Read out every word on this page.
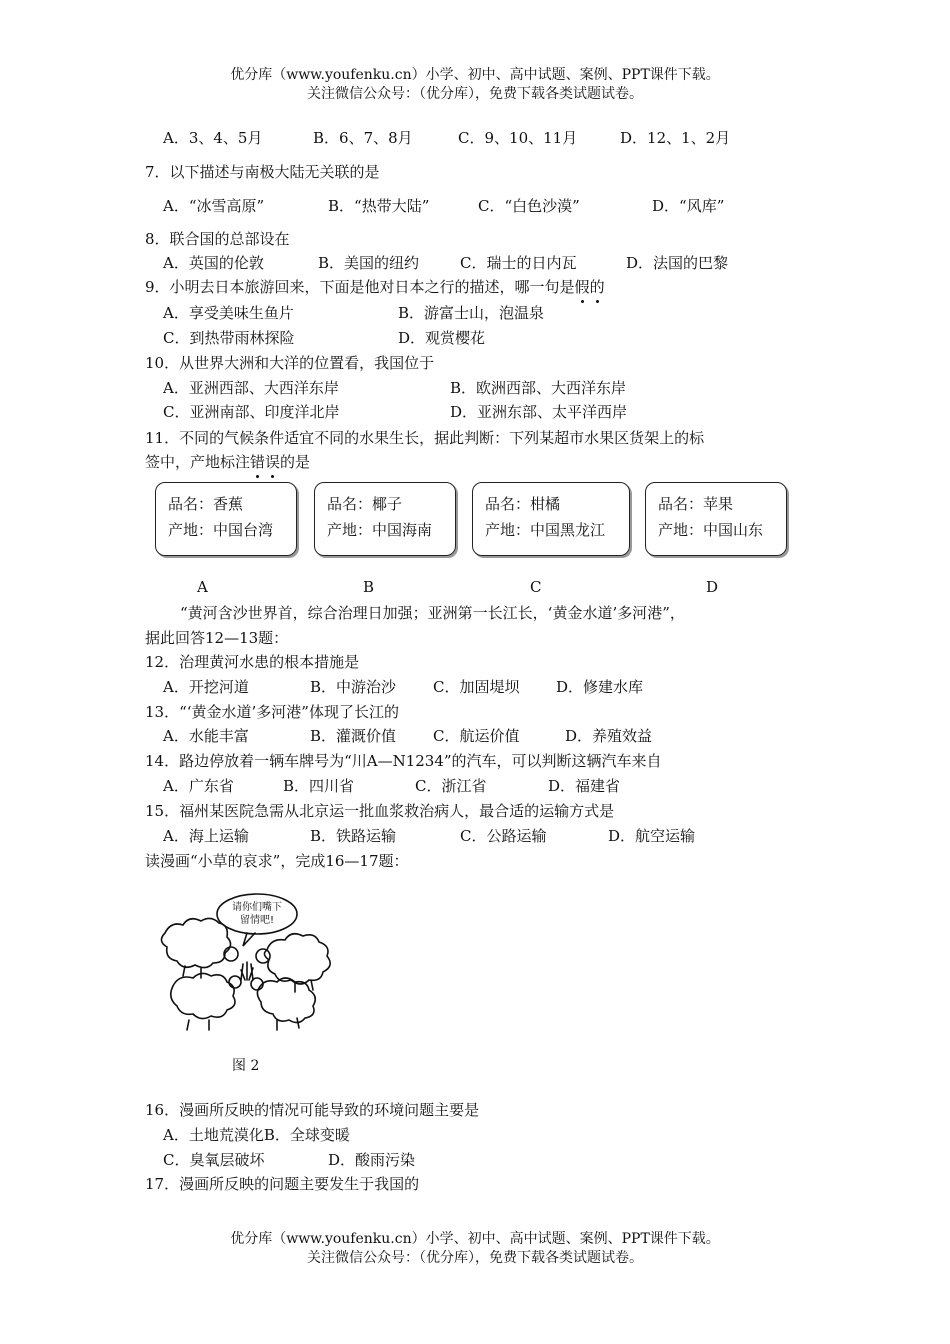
优分库（www.youfenku.cn）小学、初中、高中试题、案例、PPT课件下载。
关注微信公众号：（优分库），免费下载各类试题试卷。
A．3、4、5月	B．6、7、8月	C．9、10、11月	D．12、1、2月
7．以下描述与南极大陆无关联的是
A．“冰雪高原”	B．“热带大陆”	C．“白色沙漠”	D．“风库”
8．联合国的总部设在
A．英国的伦敦	B．美国的纽约	C．瑞士的日内瓦	D．法国的巴黎
9．小明去日本旅游回来，下面是他对日本之行的描述，哪一句是假的
A．享受美味生鱼片	B．游富士山，泡温泉
C．到热带雨林探险	D．观赏樱花
10．从世界大洲和大洋的位置看，我国位于
A．亚洲西部、大西洋东岸	B．欧洲西部、大西洋东岸
C．亚洲南部、印度洋北岸	D．亚洲东部、太平洋西岸
11．不同的气候条件适宜不同的水果生长，据此判断：下列某超市水果区货架上的标
签中，产地标注错误的是
品名：香蕉
产地：中国台湾
品名：椰子
产地：中国海南
品名：柑橘
产地：中国黑龙江
品名：苹果
产地：中国山东
A	B	C	D
“黄河含沙世界首，综合治理日加强；亚洲第一长江长，‘黄金水道’多河港”，
据此回答12—13题：
12．治理黄河水患的根本措施是
A．开挖河道	B．中游治沙 C．加固堤坝 D．修建水库
13．“‘黄金水道’多河港”体现了长江的
A．水能丰富	B．灌溉价值 C．航运价值	D．养殖效益
14．路边停放着一辆车牌号为“川A—N1234”的汽车，可以判断这辆汽车来自
A．广东省	B．四川省	C．浙江省	D．福建省
15．福州某医院急需从北京运一批血浆救治病人，最合适的运输方式是
A．海上运输	B．铁路运输	C．公路运输	D．航空运输
读漫画“小草的哀求”，完成16—17题：
请你们嘴下
留情吧!
图 2
16．漫画所反映的情况可能导致的环境问题主要是
A．土地荒漠化B．全球变暖
C．臭氧层破坏	D．酸雨污染
17．漫画所反映的问题主要发生于我国的
优分库（www.youfenku.cn）小学、初中、高中试题、案例、PPT课件下载。
关注微信公众号：（优分库），免费下载各类试题试卷。
